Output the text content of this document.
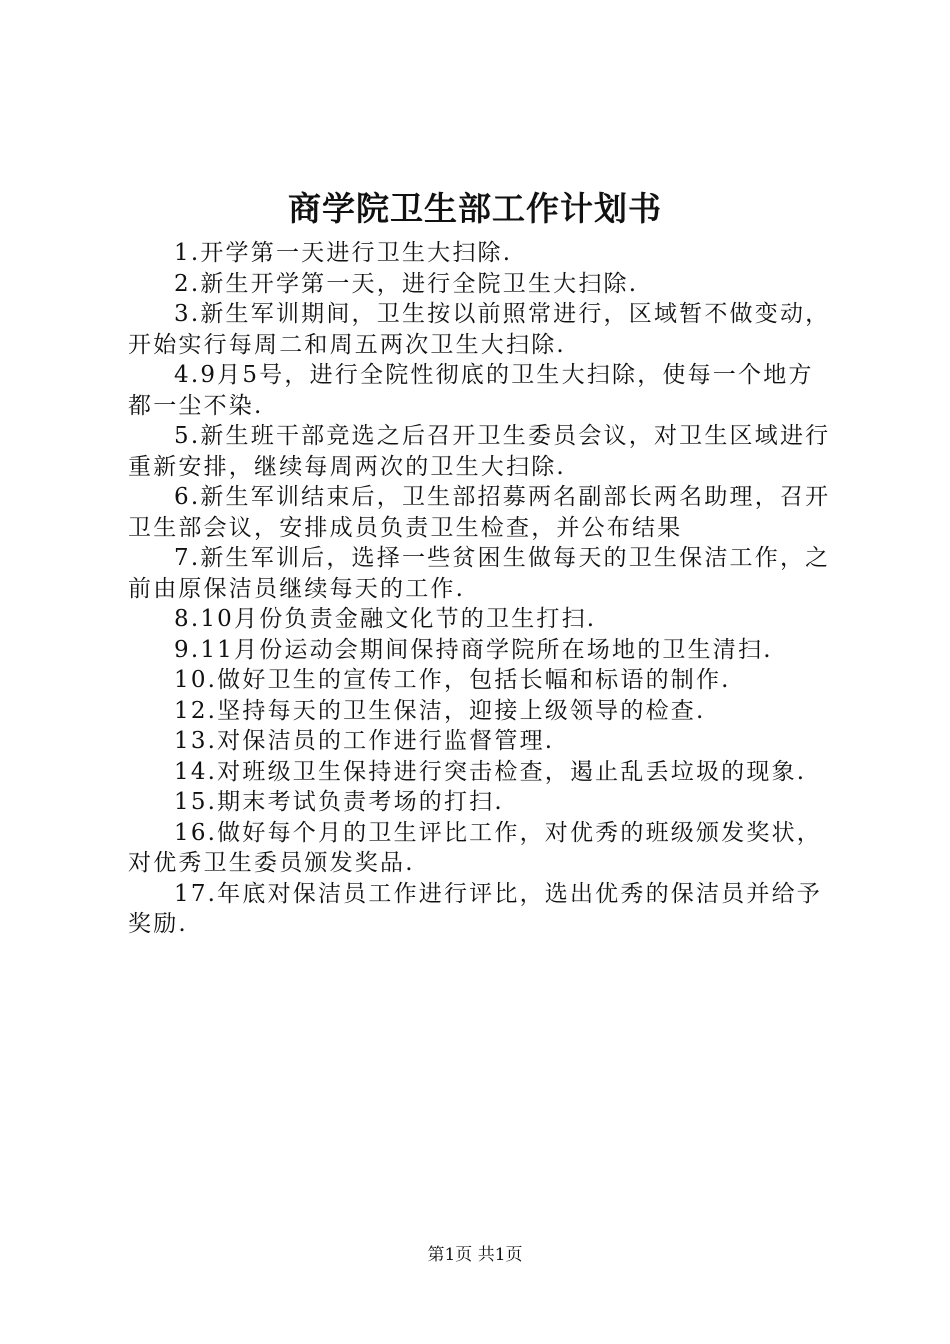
商学院卫生部工作计划书

1.开学第一天进行卫生大扫除.

2.新生开学第一天，进行全院卫生大扫除.

3.新生军训期间，卫生按以前照常进行，区域暂不做变动，开始实行每周二和周五两次卫生大扫除.

4.9月5号，进行全院性彻底的卫生大扫除，使每一个地方都一尘不染.

5.新生班干部竞选之后召开卫生委员会议，对卫生区域进行重新安排，继续每周两次的卫生大扫除.

6.新生军训结束后，卫生部招募两名副部长两名助理，召开卫生部会议，安排成员负责卫生检查，并公布结果

7.新生军训后，选择一些贫困生做每天的卫生保洁工作，之前由原保洁员继续每天的工作.

8.10月份负责金融文化节的卫生打扫.

9.11月份运动会期间保持商学院所在场地的卫生清扫.

10.做好卫生的宣传工作，包括长幅和标语的制作.

12.坚持每天的卫生保洁，迎接上级领导的检查.

13.对保洁员的工作进行监督管理.

14.对班级卫生保持进行突击检查，遏止乱丢垃圾的现象.

15.期末考试负责考场的打扫.

16.做好每个月的卫生评比工作，对优秀的班级颁发奖状，对优秀卫生委员颁发奖品.

17.年底对保洁员工作进行评比，选出优秀的保洁员并给予奖励.

第1页 共1页
